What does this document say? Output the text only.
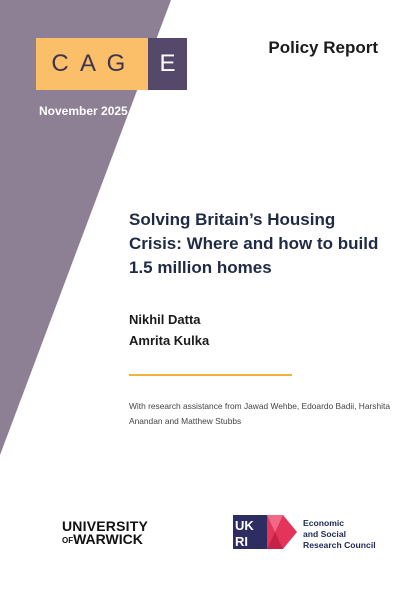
C A G E
November 2025
Policy Report
Solving Britain’s Housing Crisis: Where and how to build 1.5 million homes
Nikhil Datta
Amrita Kulka
With research assistance from Jawad Wehbe, Edoardo Badii, Harshita Anandan and Matthew Stubbs
UNIVERSITY
OFWARWICK
UK
RI
Economic
and Social
Research Council
